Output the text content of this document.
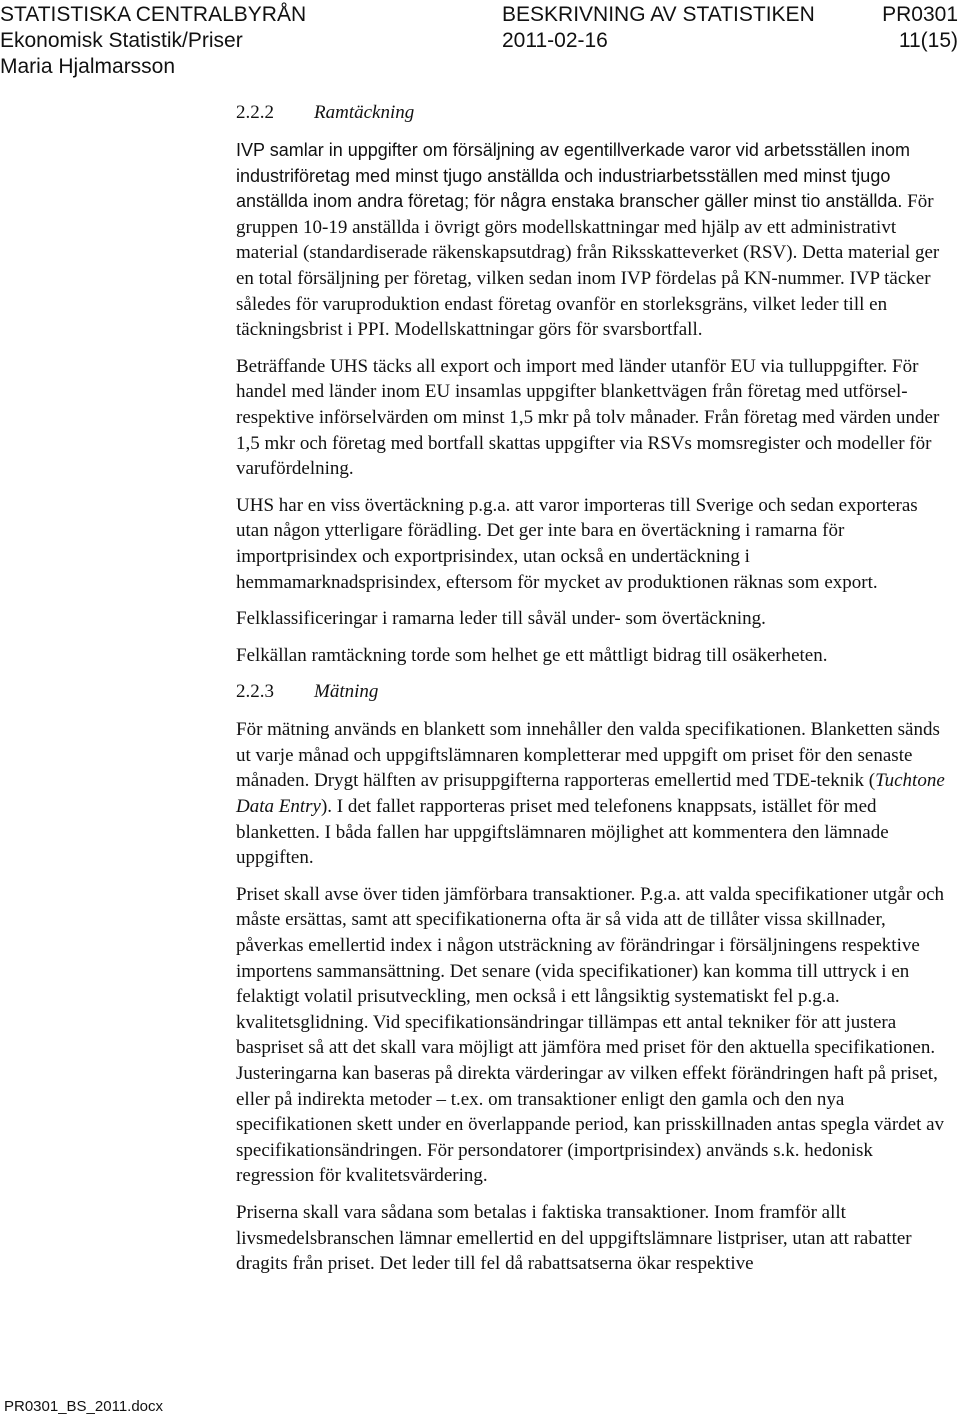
STATISTISKA CENTRALBYRÅN	BESKRIVNING AV STATISTIKEN	PR0301
Ekonomisk Statistik/Priser	2011-02-16	11(15)
Maria Hjalmarsson
2.2.2 Ramtäckning

IVP samlar in uppgifter om försäljning av egentillverkade varor vid arbetsställen inom industriföretag med minst tjugo anställda och industriarbetsställen med minst tjugo anställda inom andra företag; för några enstaka branscher gäller minst tio anställda. För gruppen 10-19 anställda i övrigt görs modellskattningar med hjälp av ett administrativt material (standardiserade räkenskapsutdrag) från Riksskatteverket (RSV). Detta material ger en total försäljning per företag, vilken sedan inom IVP fördelas på KN-nummer. IVP täcker således för varuproduktion endast företag ovanför en storleksgräns, vilket leder till en täckningsbrist i PPI. Modellskattningar görs för svarsbortfall.

Beträffande UHS täcks all export och import med länder utanför EU via tulluppgifter. För handel med länder inom EU insamlas uppgifter blankettvägen från företag med utförsel- respektive införselvärden om minst 1,5 mkr på tolv månader. Från företag med värden under 1,5 mkr och företag med bortfall skattas uppgifter via RSVs momsregister och modeller för varufördelning.

UHS har en viss övertäckning p.g.a. att varor importeras till Sverige och sedan exporteras utan någon ytterligare förädling. Det ger inte bara en övertäckning i ramarna för importprisindex och exportprisindex, utan också en undertäckning i hemmamarknadsprisindex, eftersom för mycket av produktionen räknas som export.

Felklassificeringar i ramarna leder till såväl under- som övertäckning.

Felkällan ramtäckning torde som helhet ge ett måttligt bidrag till osäkerheten.

2.2.3 Mätning

För mätning används en blankett som innehåller den valda specifikationen. Blanketten sänds ut varje månad och uppgiftslämnaren kompletterar med uppgift om priset för den senaste månaden. Drygt hälften av prisuppgifterna rapporteras emellertid med TDE-teknik (Tuchtone Data Entry). I det fallet rapporteras priset med telefonens knappsats, istället för med blanketten. I båda fallen har uppgiftslämnaren möjlighet att kommentera den lämnade uppgiften.

Priset skall avse över tiden jämförbara transaktioner. P.g.a. att valda specifikationer utgår och måste ersättas, samt att specifikationerna ofta är så vida att de tillåter vissa skillnader, påverkas emellertid index i någon utsträckning av förändringar i försäljningens respektive importens sammansättning. Det senare (vida specifikationer) kan komma till uttryck i en felaktigt volatil prisutveckling, men också i ett långsiktig systematiskt fel p.g.a. kvalitetsglidning. Vid specifikationsändringar tillämpas ett antal tekniker för att justera baspriset så att det skall vara möjligt att jämföra med priset för den aktuella specifikationen. Justeringarna kan baseras på direkta värderingar av vilken effekt förändringen haft på priset, eller på indirekta metoder – t.ex. om transaktioner enligt den gamla och den nya specifikationen skett under en överlappande period, kan prisskillnaden antas spegla värdet av specifikationsändringen. För persondatorer (importprisindex) används s.k. hedonisk regression för kvalitetsvärdering.

Priserna skall vara sådana som betalas i faktiska transaktioner. Inom framför allt livsmedelsbranschen lämnar emellertid en del uppgiftslämnare listpriser, utan att rabatter dragits från priset. Det leder till fel då rabattsatserna ökar respektive

PR0301_BS_2011.docx
